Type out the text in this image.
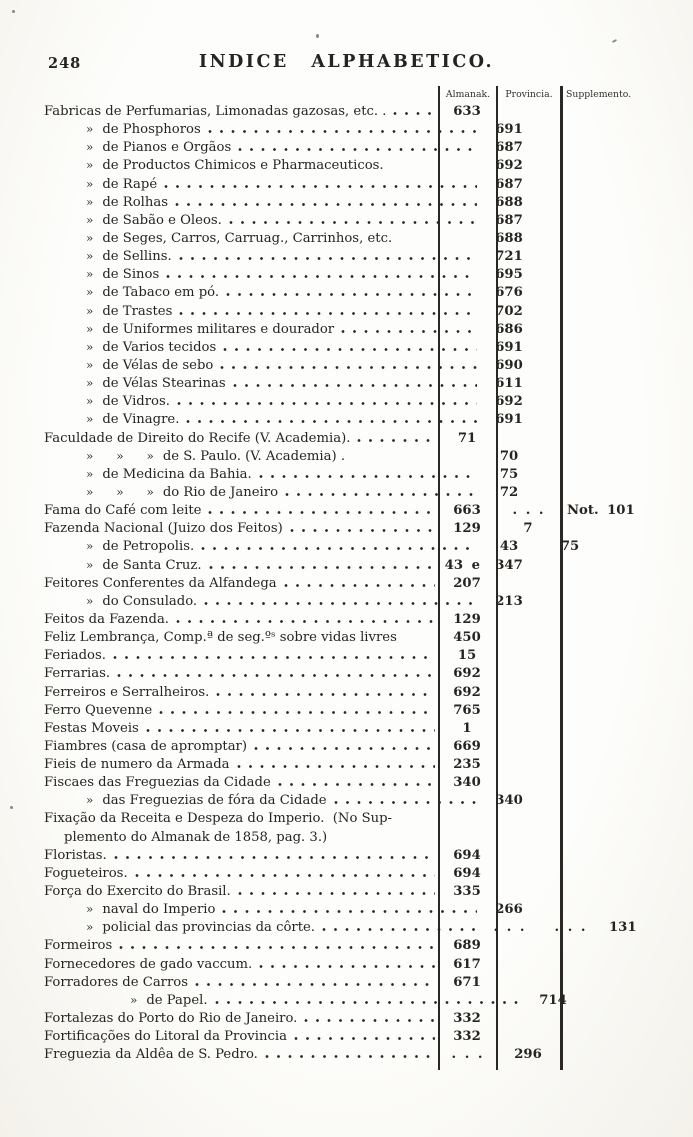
248	INDICE ALPHABETICO.
Almanak.	Provincia.	Supplemento.
Fabricas de Perfumarias, Limonadas gazosas, etc. .	633
» de Phosphoros	691
» de Pianos e Orgãos	687
» de Productos Chimicos e Pharmaceuticos.	692
» de Rapé	687
» de Rolhas	688
» de Sabão e Oleos.	687
» de Seges, Carros, Carruag., Carrinhos, etc.	688
» de Sellins.	721
» de Sinos	695
» de Tabaco em pó.	676
» de Trastes	702
» de Uniformes militares e dourador	686
» de Varios tecidos	691
» de Vélas de sebo	690
» de Vélas Stearinas	611
» de Vidros.	692
» de Vinagre.	691
Faculdade de Direito do Recife (V. Academia).	71
»      »      » de S. Paulo. (V. Academia) .	70
» de Medicina da Bahia.	75
»      »      » do Rio de Janeiro	72
Fama do Café com leite	663	. . .	Not. 101
Fazenda Nacional (Juizo dos Feitos)	129	7
» de Petropolis.	43	75
» de Santa Cruz.	43 e	347
Feitores Conferentes da Alfandega	207
» do Consulado.	213
Feitos da Fazenda.	129
Feliz Lembrança, Comp.ª de seg.ºˢ sobre vidas livres	450
Feriados.	15
Ferrarias.	692
Ferreiros e Serralheiros.	692
Ferro Quevenne	765
Festas Moveis	1
Fiambres (casa de apromptar)	669
Fieis de numero da Armada	235
Fiscaes das Freguezias da Cidade	340
» das Freguezias de fóra da Cidade	340
Fixação da Receita e Despeza do Imperio.  (No Sup-
plemento do Almanak de 1858, pag. 3.)
Floristas.	694
Fogueteiros.	694
Força do Exercito do Brasil.	335
» naval do Imperio	266
» policial das provincias da côrte.	. . .	. . .	131
Formeiros	689
Fornecedores de gado vaccum.	617
Forradores de Carros	671
» de Papel.	714
Fortalezas do Porto do Rio de Janeiro.	332
Fortificações do Litoral da Provincia	332
Freguezia da Aldêa de S. Pedro.	. . .	296
